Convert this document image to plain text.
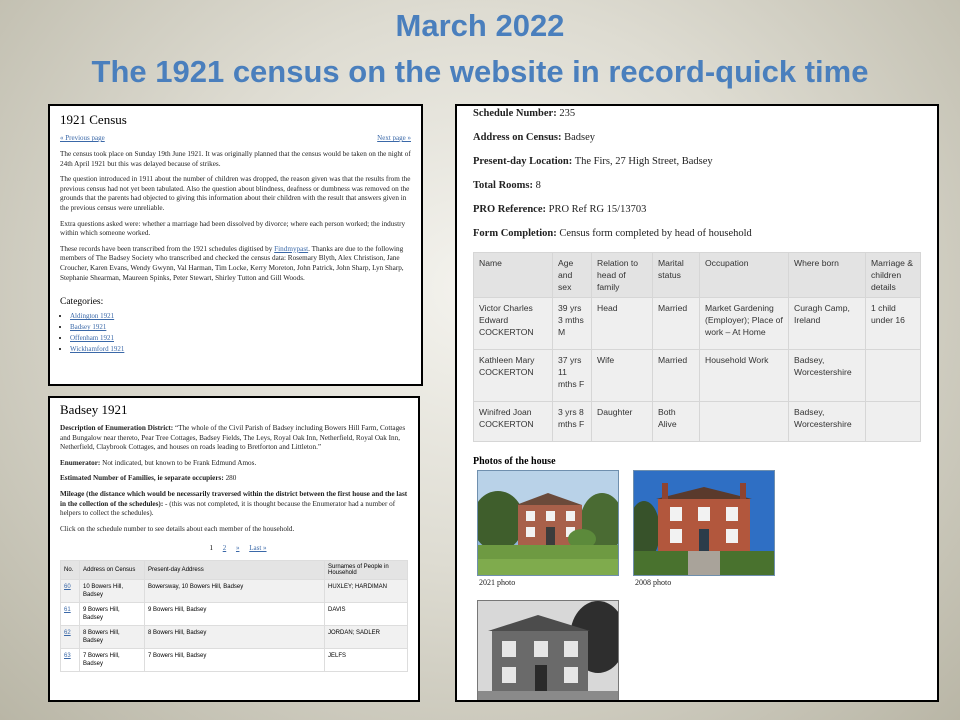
March 2022
The 1921 census on the website in record-quick time
1921 Census
« Previous page	Next page »

The census took place on Sunday 19th June 1921. It was originally planned that the census would be taken on the night of 24th April 1921 but this was delayed because of strikes.

The question introduced in 1911 about the number of children was dropped, the reason given was that the results from the previous census had not yet been tabulated. Also the question about blindness, deafness or dumbness was removed on the grounds that the parents had objected to giving this information about their children with the result that answers given in the previous census were unreliable.

Extra questions asked were: whether a marriage had been dissolved by divorce; where each person worked; the industry within which someone worked.

These records have been transcribed from the 1921 schedules digitised by Findmypast. Thanks are due to the following members of The Badsey Society who transcribed and checked the census data: Rosemary Blyth, Alex Christison, Jane Croucher, Karen Evans, Wendy Gwynn, Val Harman, Tim Locke, Kerry Moreton, John Patrick, John Sharp, Lyn Sharp, Stephanie Shearman, Maureen Spinks, Peter Stewart, Shirley Tutton and Gill Woods.

Categories:
• Aldington 1921
• Badsey 1921
• Offenham 1921
• Wickhamford 1921
Badsey 1921

Description of Enumeration District: “The whole of the Civil Parish of Badsey including Bowers Hill Farm, Cottages and Bungalow near thereto, Pear Tree Cottages, Badsey Fields, The Leys, Royal Oak Inn, Netherfield, Royal Oak Inn, Netherfield, Claybrook Cottages, and houses on roads leading to Bretforton and Littleton.”

Enumerator: Not indicated, but known to be Frank Edmund Amos.

Estimated Number of Families, ie separate occupiers: 280

Mileage (the distance which would be necessarily traversed within the district between the first house and the last in the collection of the schedules): - (this was not completed, it is thought because the Enumerator had a number of helpers to collect the schedules).

Click on the schedule number to see details about each member of the household.

1 2 » Last »
No.	Address on Census	Present-day Address	Surnames of People in Household
60	10 Bowers Hill, Badsey	Bowersway, 10 Bowers Hill, Badsey	HUXLEY; HARDIMAN
61	9 Bowers Hill, Badsey	9 Bowers Hill, Badsey	DAVIS
62	8 Bowers Hill, Badsey	8 Bowers Hill, Badsey	JORDAN; SADLER
63	7 Bowers Hill, Badsey	7 Bowers Hill, Badsey	JELFS

Schedule Number: 235

Address on Census: Badsey

Present-day Location: The Firs, 27 High Street, Badsey

Total Rooms: 8

PRO Reference: PRO Ref RG 15/13703

Form Completion: Census form completed by head of household

Name	Age and sex	Relation to head of family	Marital status	Occupation	Where born	Marriage & children details
Victor Charles Edward COCKERTON	39 yrs 3 mths M	Head	Married	Market Gardening (Employer); Place of work – At Home	Curagh Camp, Ireland	1 child under 16
Kathleen Mary COCKERTON	37 yrs 11 mths F	Wife	Married	Household Work	Badsey, Worcestershire	
Winifred Joan COCKERTON	3 yrs 8 mths F	Daughter	Both Alive		Badsey, Worcestershire	
Photos of the house
2021 photo	2008 photo
